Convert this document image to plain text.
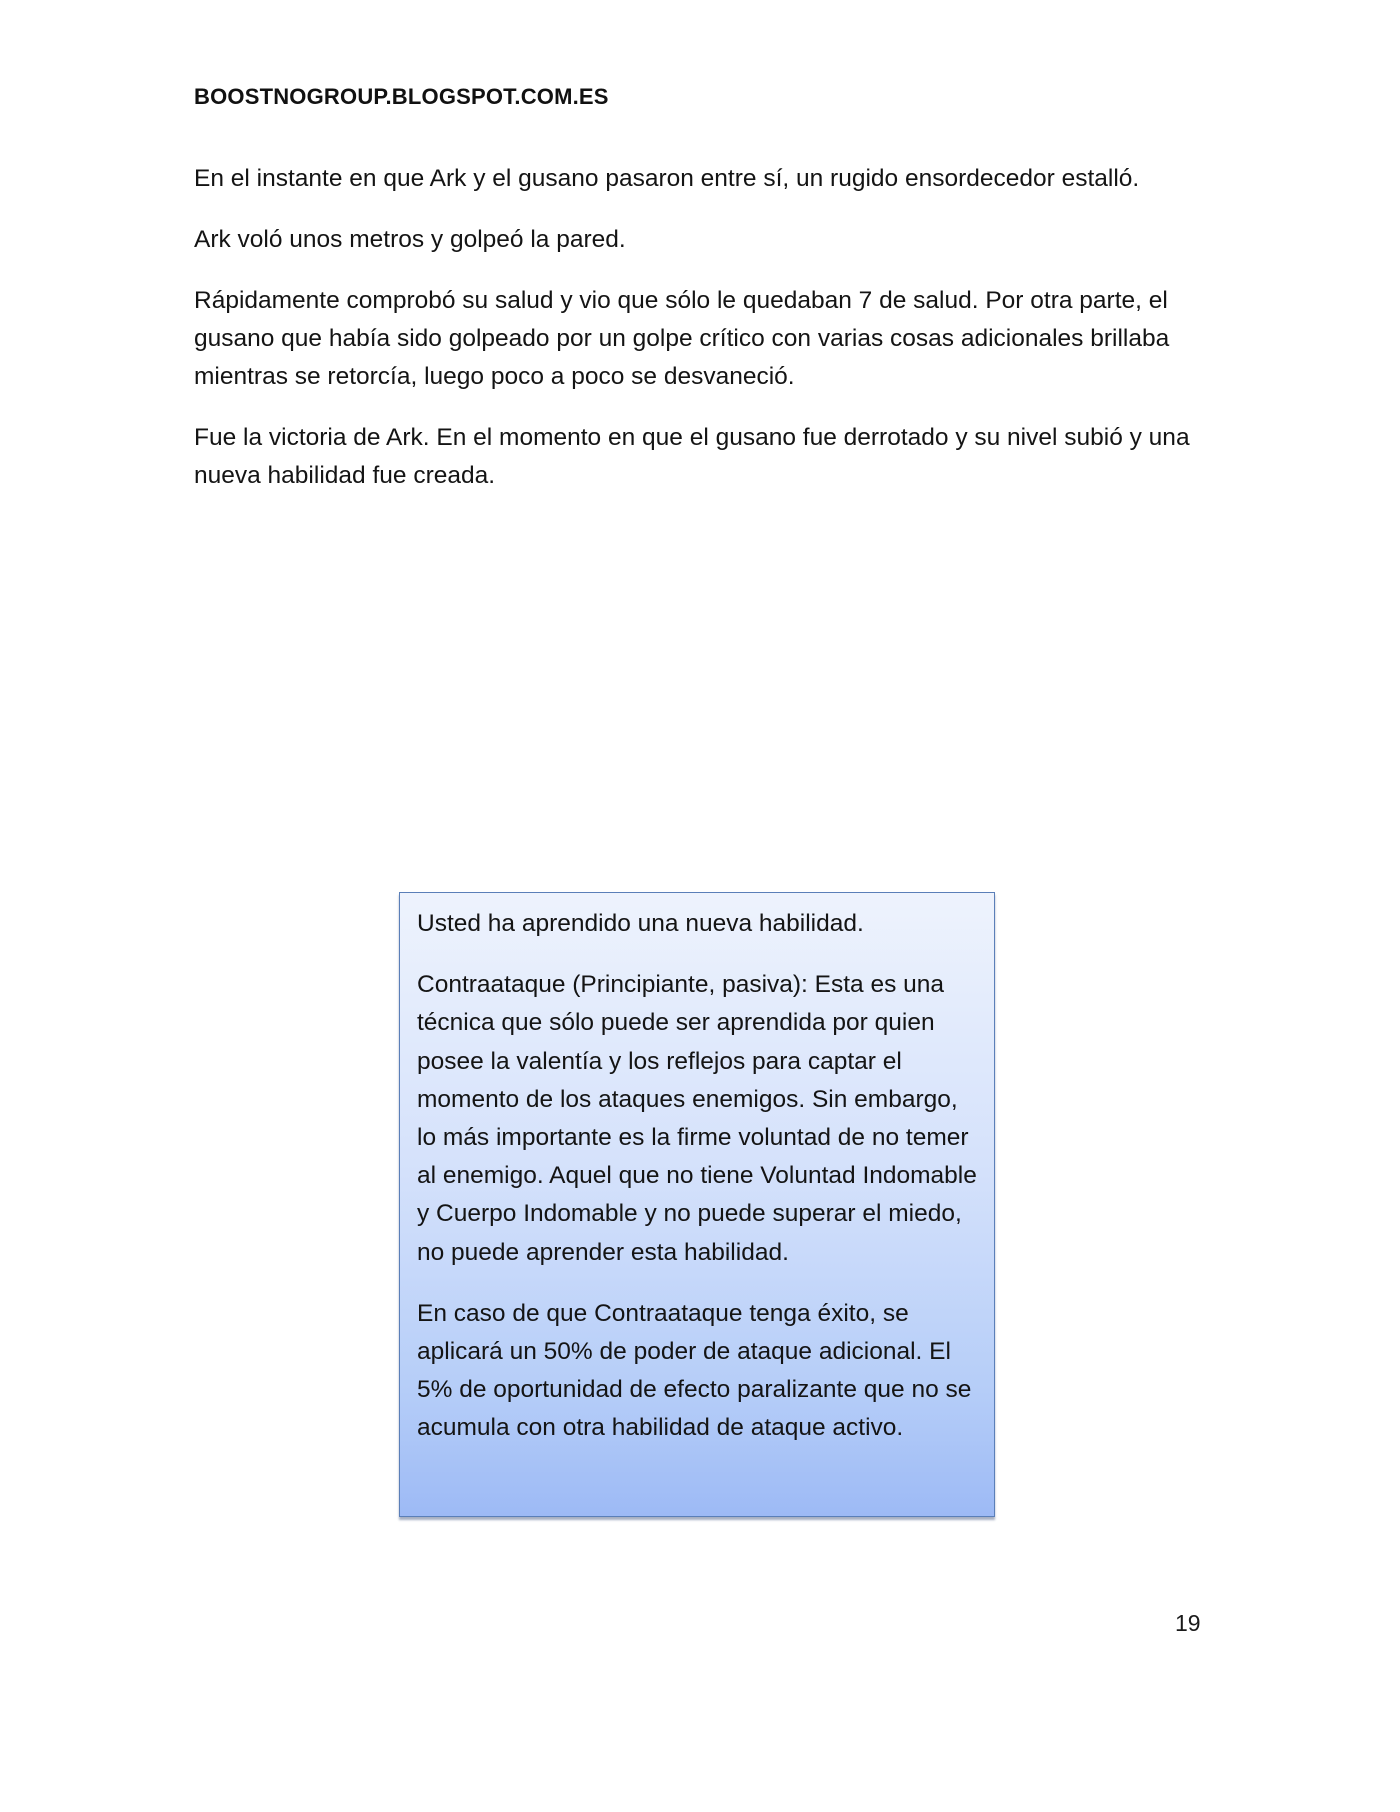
BOOSTNOGROUP.BLOGSPOT.COM.ES

En el instante en que Ark y el gusano pasaron entre sí, un rugido ensordecedor estalló.

Ark voló unos metros y golpeó la pared.

Rápidamente comprobó su salud y vio que sólo le quedaban 7 de salud. Por otra parte, el gusano que había sido golpeado por un golpe crítico con varias cosas adicionales brillaba mientras se retorcía, luego poco a poco se desvaneció.

Fue la victoria de Ark. En el momento en que el gusano fue derrotado y su nivel subió y una nueva habilidad fue creada.

Usted ha aprendido una nueva habilidad.

Contraataque (Principiante, pasiva): Esta es una técnica que sólo puede ser aprendida por quien posee la valentía y los reflejos para captar el momento de los ataques enemigos. Sin embargo, lo más importante es la firme voluntad de no temer al enemigo. Aquel que no tiene Voluntad Indomable y Cuerpo Indomable y no puede superar el miedo, no puede aprender esta habilidad.

En caso de que Contraataque tenga éxito, se aplicará un 50% de poder de ataque adicional. El 5% de oportunidad de efecto paralizante que no se acumula con otra habilidad de ataque activo.

19
